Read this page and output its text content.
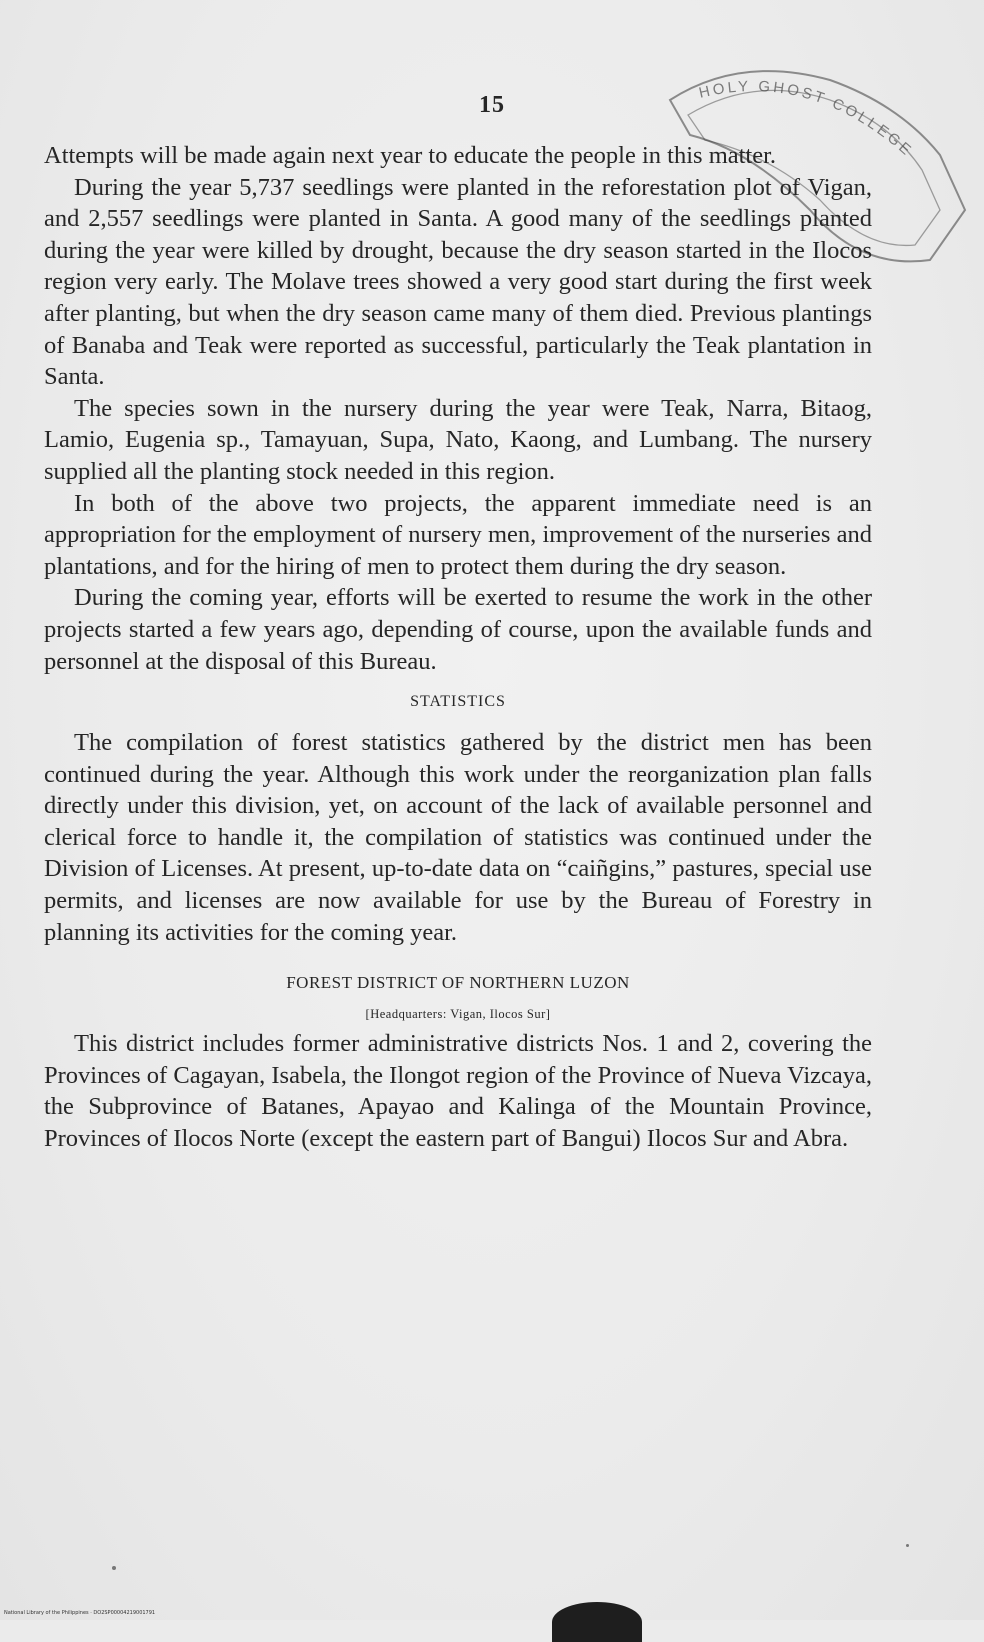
15
HOLY GHOST COLLEGE

Attempts will be made again next year to educate the people in this matter.

During the year 5,737 seedlings were planted in the reforestation plot of Vigan, and 2,557 seedlings were planted in Santa. A good many of the seedlings planted during the year were killed by drought, because the dry season started in the Ilocos region very early. The Molave trees showed a very good start during the first week after planting, but when the dry season came many of them died. Previous plantings of Banaba and Teak were reported as successful, particularly the Teak plantation in Santa.

The species sown in the nursery during the year were Teak, Narra, Bitaog, Lamio, Eugenia sp., Tamayuan, Supa, Nato, Kaong, and Lumbang. The nursery supplied all the planting stock needed in this region.

In both of the above two projects, the apparent immediate need is an appropriation for the employment of nursery men, improvement of the nurseries and plantations, and for the hiring of men to protect them during the dry season.

During the coming year, efforts will be exerted to resume the work in the other projects started a few years ago, depending of course, upon the available funds and personnel at the disposal of this Bureau.

STATISTICS

The compilation of forest statistics gathered by the district men has been continued during the year. Although this work under the reorganization plan falls directly under this division, yet, on account of the lack of available personnel and clerical force to handle it, the compilation of statistics was continued under the Division of Licenses. At present, up-to-date data on “caiñgins,” pastures, special use permits, and licenses are now available for use by the Bureau of Forestry in planning its activities for the coming year.

FOREST DISTRICT OF NORTHERN LUZON
[Headquarters: Vigan, Ilocos Sur]

This district includes former administrative districts Nos. 1 and 2, covering the Provinces of Cagayan, Isabela, the Ilongot region of the Province of Nueva Vizcaya, the Subprovince of Batanes, Apayao and Kalinga of the Mountain Province, Provinces of Ilocos Norte (except the eastern part of Bangui) Ilocos Sur and Abra.

National Library of the Philippines · DO2SP00004219001791
